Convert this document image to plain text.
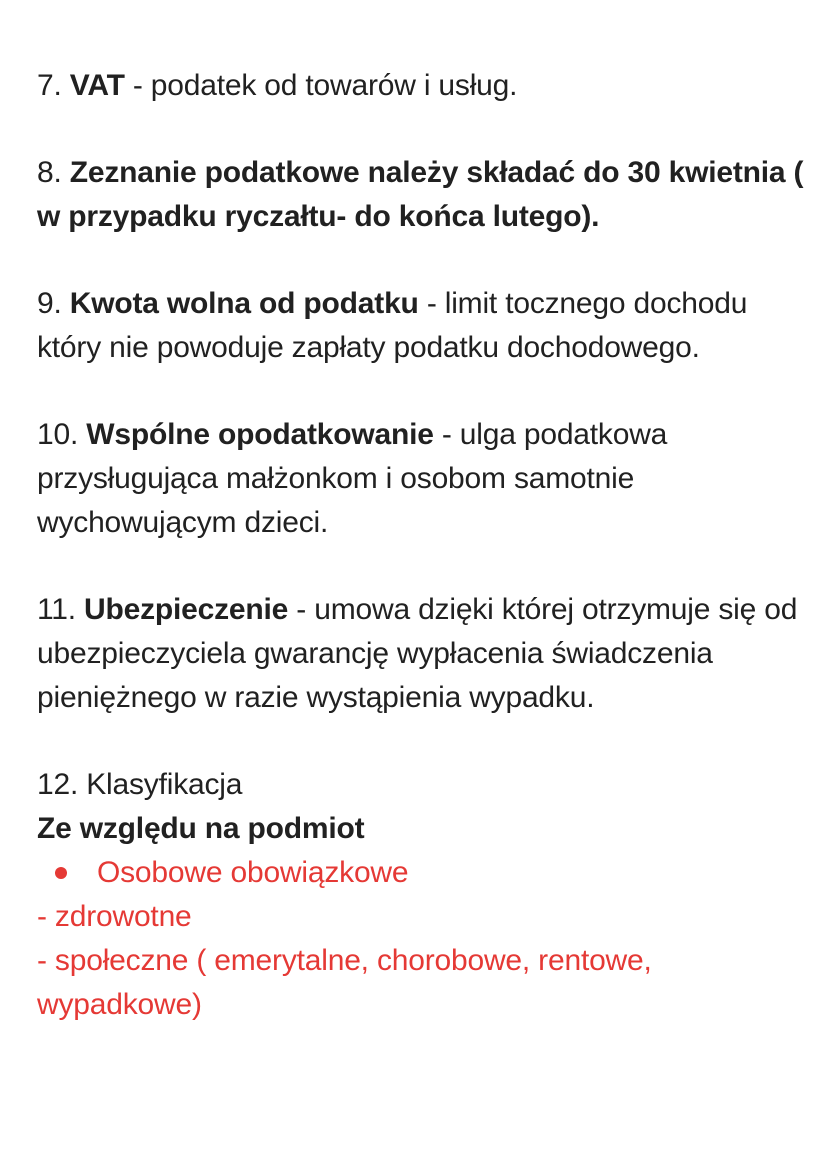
7. VAT - podatek od towarów i usług.

8. Zeznanie podatkowe należy składać do 30 kwietnia ( w przypadku ryczałtu- do końca lutego).

9. Kwota wolna od podatku - limit tocznego dochodu który nie powoduje zapłaty podatku dochodowego.

10. Wspólne opodatkowanie - ulga podatkowa przysługująca małżonkom i osobom samotnie wychowującym dzieci.

11. Ubezpieczenie - umowa dzięki której otrzymuje się od ubezpieczyciela gwarancję wypłacenia świadczenia pieniężnego w razie wystąpienia wypadku.

12. Klasyfikacja
Ze względu na podmiot
Osobowe obowiązkowe
- zdrowotne
- społeczne ( emerytalne, chorobowe, rentowe, wypadkowe)
